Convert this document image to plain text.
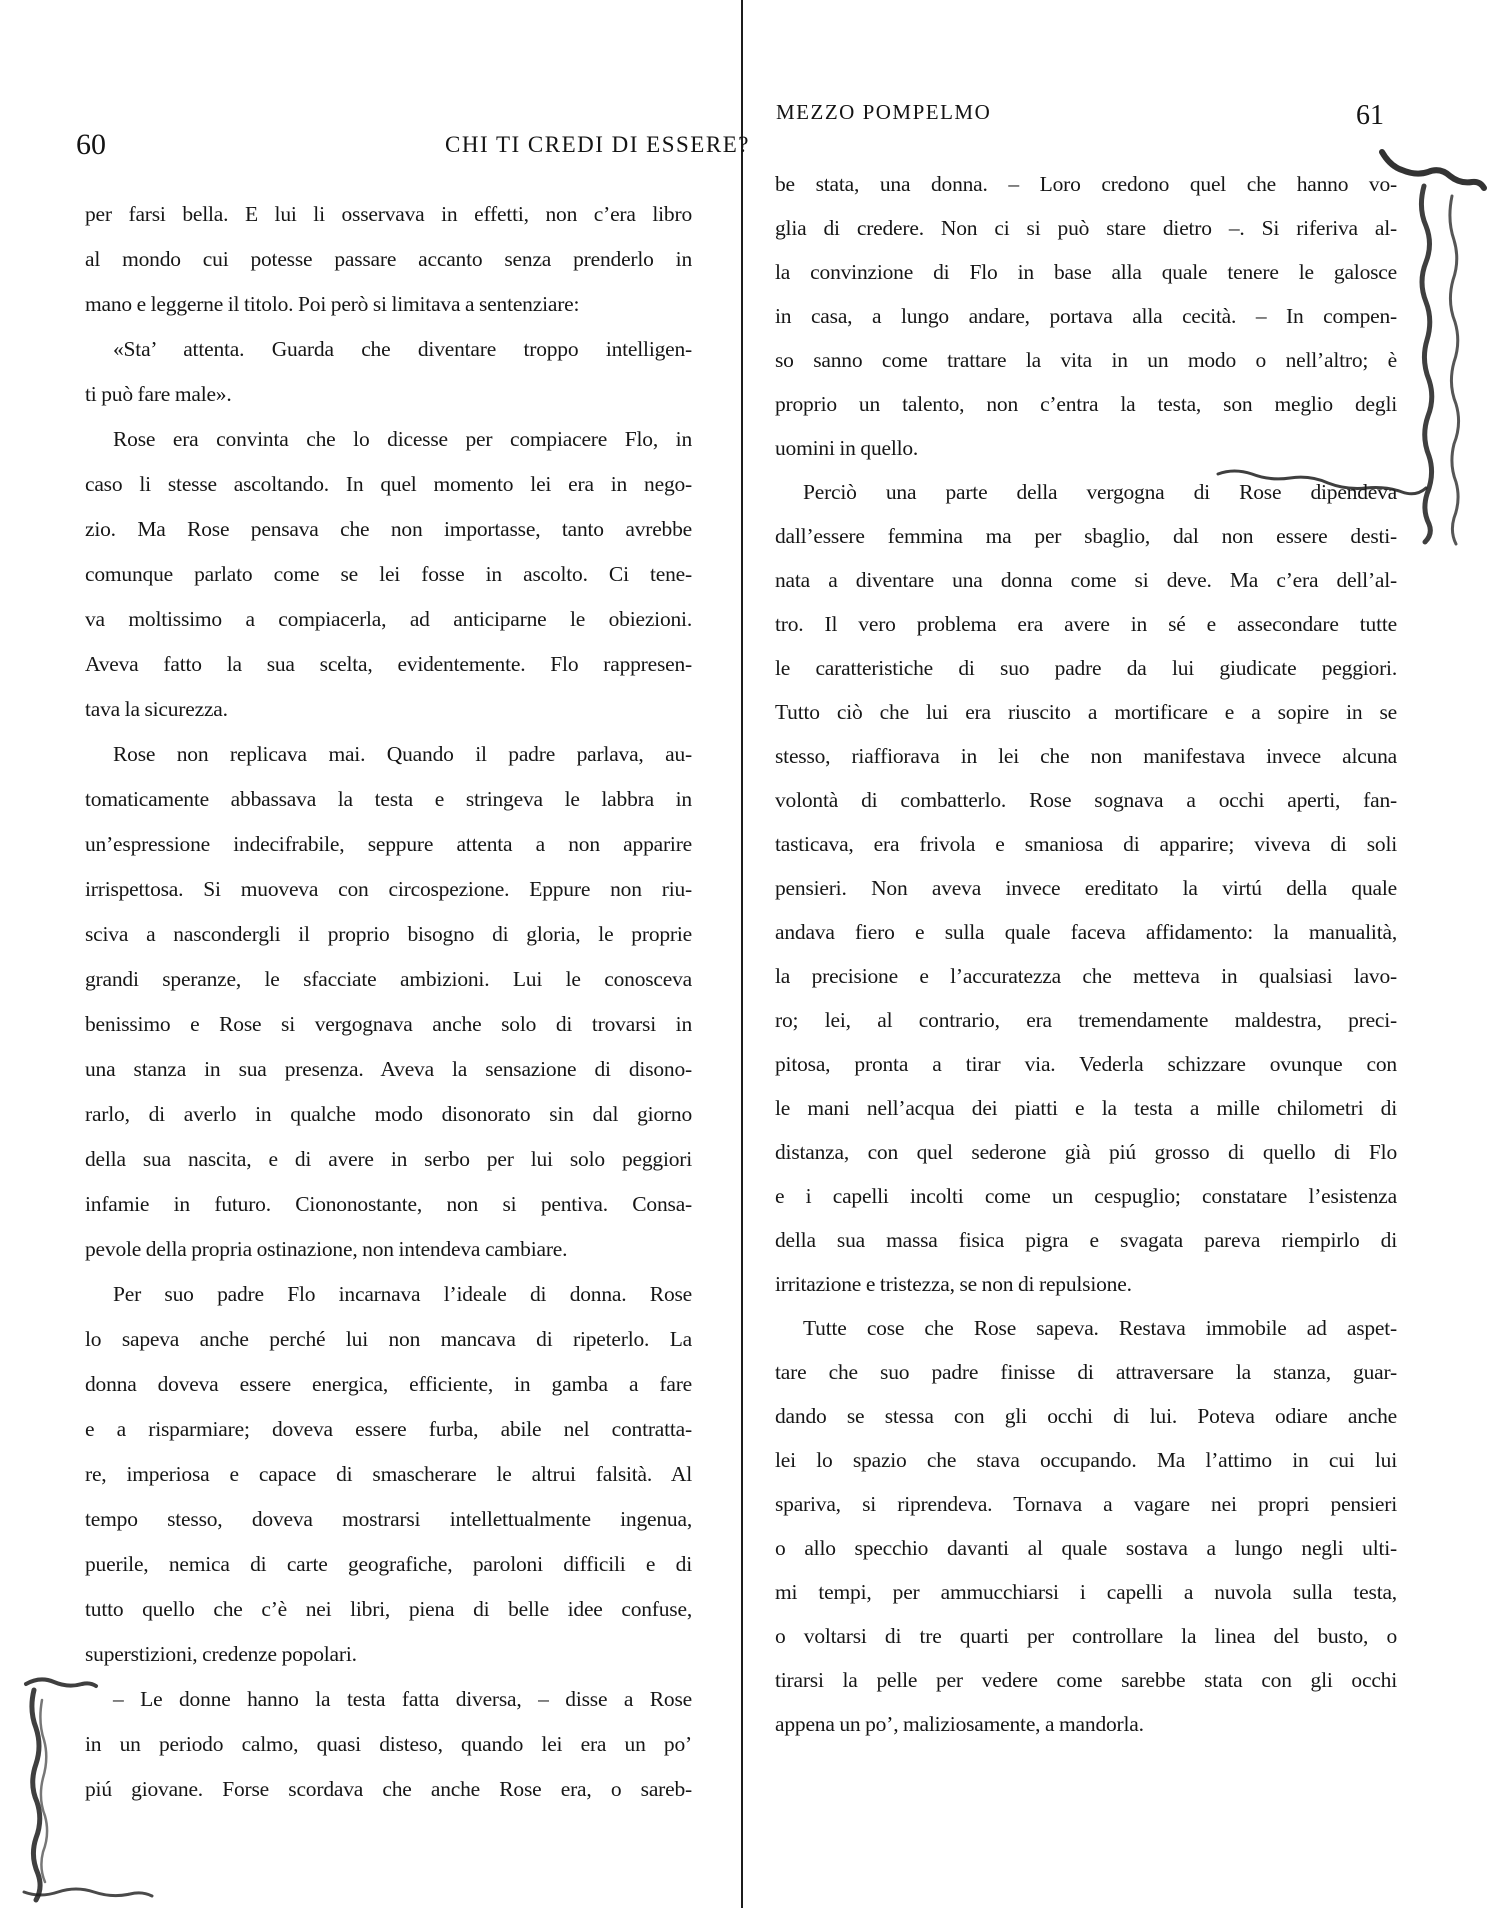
60	CHI TI CREDI DI ESSERE?
MEZZO POMPELMO	61
per farsi bella. E lui li osservava in effetti, non c’era libro
al mondo cui potesse passare accanto senza prenderlo in
mano e leggerne il titolo. Poi però si limitava a sentenziare:
«Sta’ attenta. Guarda che diventare troppo intelligen-
ti può fare male».
Rose era convinta che lo dicesse per compiacere Flo, in
caso li stesse ascoltando. In quel momento lei era in nego-
zio. Ma Rose pensava che non importasse, tanto avrebbe
comunque parlato come se lei fosse in ascolto. Ci tene-
va moltissimo a compiacerla, ad anticiparne le obiezioni.
Aveva fatto la sua scelta, evidentemente. Flo rappresen-
tava la sicurezza.
Rose non replicava mai. Quando il padre parlava, au-
tomaticamente abbassava la testa e stringeva le labbra in
un’espressione indecifrabile, seppure attenta a non apparire
irrispettosa. Si muoveva con circospezione. Eppure non riu-
sciva a nascondergli il proprio bisogno di gloria, le proprie
grandi speranze, le sfacciate ambizioni. Lui le conosceva
benissimo e Rose si vergognava anche solo di trovarsi in
una stanza in sua presenza. Aveva la sensazione di disono-
rarlo, di averlo in qualche modo disonorato sin dal giorno
della sua nascita, e di avere in serbo per lui solo peggiori
infamie in futuro. Ciononostante, non si pentiva. Consa-
pevole della propria ostinazione, non intendeva cambiare.
Per suo padre Flo incarnava l’ideale di donna. Rose
lo sapeva anche perché lui non mancava di ripeterlo. La
donna doveva essere energica, efficiente, in gamba a fare
e a risparmiare; doveva essere furba, abile nel contratta-
re, imperiosa e capace di smascherare le altrui falsità. Al
tempo stesso, doveva mostrarsi intellettualmente ingenua,
puerile, nemica di carte geografiche, paroloni difficili e di
tutto quello che c’è nei libri, piena di belle idee confuse,
superstizioni, credenze popolari.
– Le donne hanno la testa fatta diversa, – disse a Rose
in un periodo calmo, quasi disteso, quando lei era un po’
piú giovane. Forse scordava che anche Rose era, o sareb-
be stata, una donna. – Loro credono quel che hanno vo-
glia di credere. Non ci si può stare dietro –. Si riferiva al-
la convinzione di Flo in base alla quale tenere le galosce
in casa, a lungo andare, portava alla cecità. – In compen-
so sanno come trattare la vita in un modo o nell’altro; è
proprio un talento, non c’entra la testa, son meglio degli
uomini in quello.
Perciò una parte della vergogna di Rose dipendeva
dall’essere femmina ma per sbaglio, dal non essere desti-
nata a diventare una donna come si deve. Ma c’era dell’al-
tro. Il vero problema era avere in sé e assecondare tutte
le caratteristiche di suo padre da lui giudicate peggiori.
Tutto ciò che lui era riuscito a mortificare e a sopire in se
stesso, riaffiorava in lei che non manifestava invece alcuna
volontà di combatterlo. Rose sognava a occhi aperti, fan-
tasticava, era frivola e smaniosa di apparire; viveva di soli
pensieri. Non aveva invece ereditato la virtú della quale
andava fiero e sulla quale faceva affidamento: la manualità,
la precisione e l’accuratezza che metteva in qualsiasi lavo-
ro; lei, al contrario, era tremendamente maldestra, preci-
pitosa, pronta a tirar via. Vederla schizzare ovunque con
le mani nell’acqua dei piatti e la testa a mille chilometri di
distanza, con quel sederone già piú grosso di quello di Flo
e i capelli incolti come un cespuglio; constatare l’esistenza
della sua massa fisica pigra e svagata pareva riempirlo di
irritazione e tristezza, se non di repulsione.
Tutte cose che Rose sapeva. Restava immobile ad aspet-
tare che suo padre finisse di attraversare la stanza, guar-
dando se stessa con gli occhi di lui. Poteva odiare anche
lei lo spazio che stava occupando. Ma l’attimo in cui lui
spariva, si riprendeva. Tornava a vagare nei propri pensieri
o allo specchio davanti al quale sostava a lungo negli ulti-
mi tempi, per ammucchiarsi i capelli a nuvola sulla testa,
o voltarsi di tre quarti per controllare la linea del busto, o
tirarsi la pelle per vedere come sarebbe stata con gli occhi
appena un po’, maliziosamente, a mandorla.
